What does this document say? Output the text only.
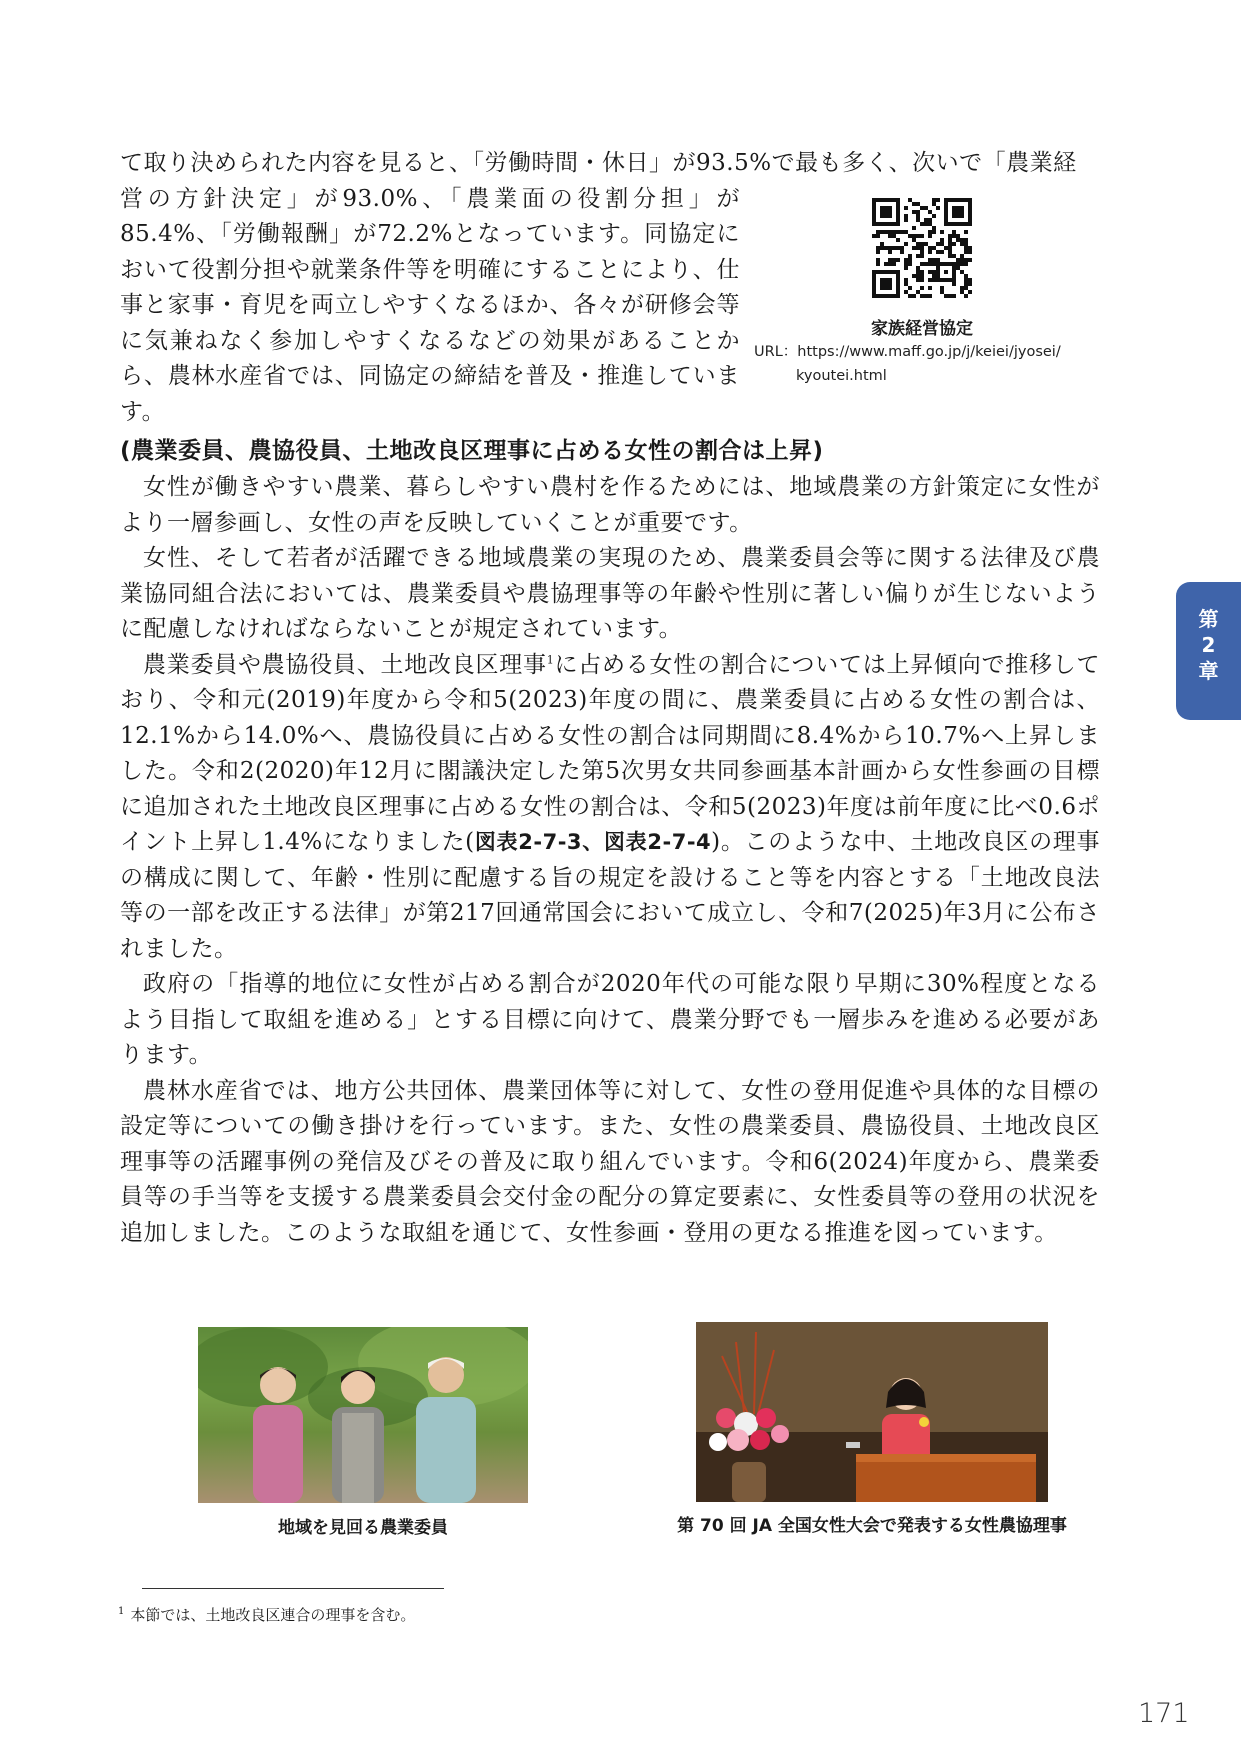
て取り決められた内容を見ると、「労働時間・休日」が93.5%で最も多く、次いで「農業経
営の方針決定」が93.0%、「農業面の役割分担」が85.4%、「労働報酬」が72.2%となっています。同協定において役割分担や就業条件等を明確にすることにより、仕事と家事・育児を両立しやすくなるほか、各々が研修会等に気兼ねなく参加しやすくなるなどの効果があることから、農林水産省では、同協定の締結を普及・推進しています。
家族経営協定
URL：https://www.maff.go.jp/j/keiei/jyosei/
kyoutei.html
(農業委員、農協役員、土地改良区理事に占める女性の割合は上昇)

女性が働きやすい農業、暮らしやすい農村を作るためには、地域農業の方針策定に女性がより一層参画し、女性の声を反映していくことが重要です。

女性、そして若者が活躍できる地域農業の実現のため、農業委員会等に関する法律及び農業協同組合法においては、農業委員や農協理事等の年齢や性別に著しい偏りが生じないように配慮しなければならないことが規定されています。

農業委員や農協役員、土地改良区理事$^1$に占める女性の割合については上昇傾向で推移しており、令和元(2019)年度から令和5(2023)年度の間に、農業委員に占める女性の割合は、12.1%から14.0%へ、農協役員に占める女性の割合は同期間に8.4%から10.7%へ上昇しました。令和2(2020)年12月に閣議決定した第5次男女共同参画基本計画から女性参画の目標に追加された土地改良区理事に占める女性の割合は、令和5(2023)年度は前年度に比べ0.6ポイント上昇し1.4%になりました(図表2-7-3、図表2-7-4)。このような中、土地改良区の理事の構成に関して、年齢・性別に配慮する旨の規定を設けること等を内容とする「土地改良法等の一部を改正する法律」が第217回通常国会において成立し、令和7(2025)年3月に公布されました。

政府の「指導的地位に女性が占める割合が2020年代の可能な限り早期に30%程度となるよう目指して取組を進める」とする目標に向けて、農業分野でも一層歩みを進める必要があります。

農林水産省では、地方公共団体、農業団体等に対して、女性の登用促進や具体的な目標の設定等についての働き掛けを行っています。また、女性の農業委員、農協役員、土地改良区理事等の活躍事例の発信及びその普及に取り組んでいます。令和6(2024)年度から、農業委員等の手当等を支援する農業委員会交付金の配分の算定要素に、女性委員等の登用の状況を追加しました。このような取組を通じて、女性参画・登用の更なる推進を図っています。

第
2
章
地域を見回る農業委員	第 70 回 JA 全国女性大会で発表する女性農協理事
$^1$ 本節では、土地改良区連合の理事を含む。
171
